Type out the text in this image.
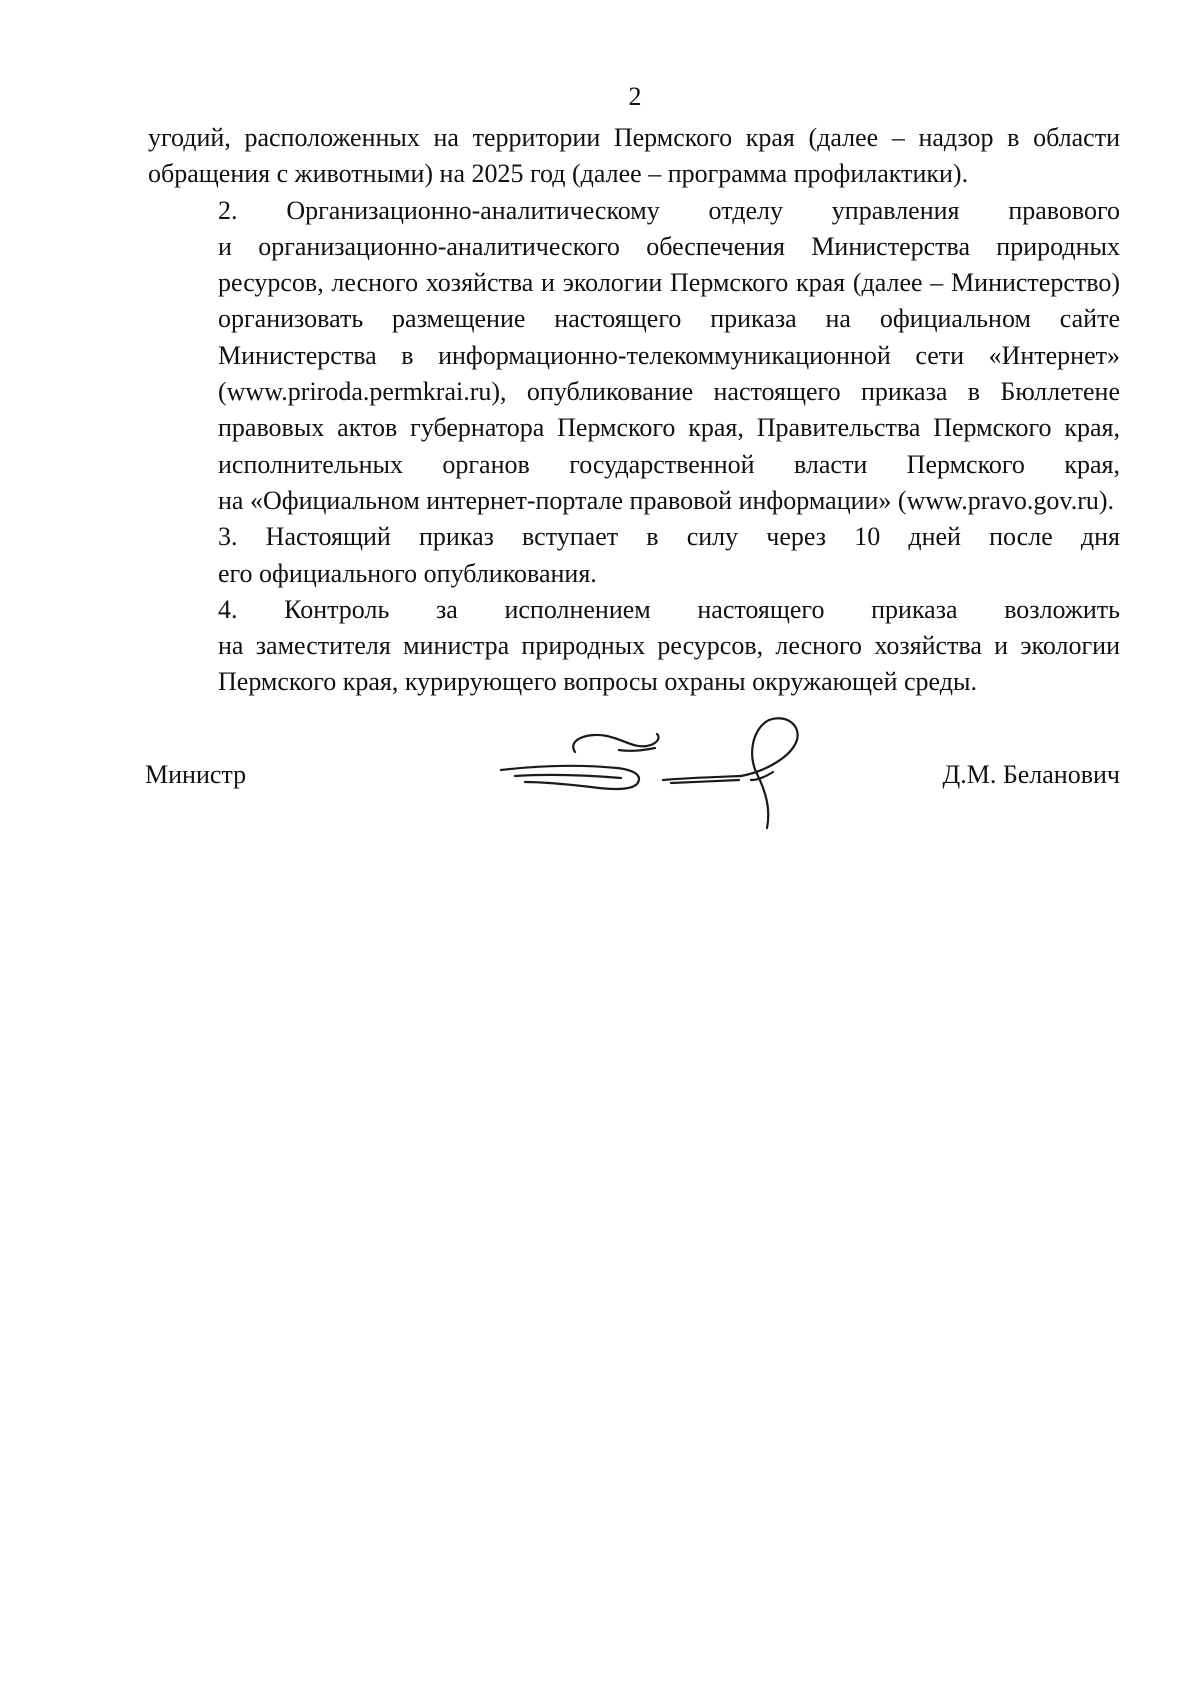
2
угодий, расположенных на территории Пермского края (далее – надзор в области
обращения с животными) на 2025 год (далее – программа профилактики).
2. Организационно-аналитическому отделу управления правового
и организационно-аналитического обеспечения Министерства природных
ресурсов, лесного хозяйства и экологии Пермского края (далее – Министерство)
организовать размещение настоящего приказа на официальном сайте
Министерства в информационно-телекоммуникационной сети «Интернет»
(www.prirodа.permkrai.ru), опубликование настоящего приказа в Бюллетене
правовых актов губернатора Пермского края, Правительства Пермского края,
исполнительных органов государственной власти Пермского края,
на «Официальном интернет-портале правовой информации» (www.pravo.gov.ru).
3. Настоящий приказ вступает в силу через 10 дней после дня
его официального опубликования.
4. Контроль за исполнением настоящего приказа возложить
на заместителя министра природных ресурсов, лесного хозяйства и экологии
Пермского края, курирующего вопросы охраны окружающей среды.
Министр	Д.М. Беланович
